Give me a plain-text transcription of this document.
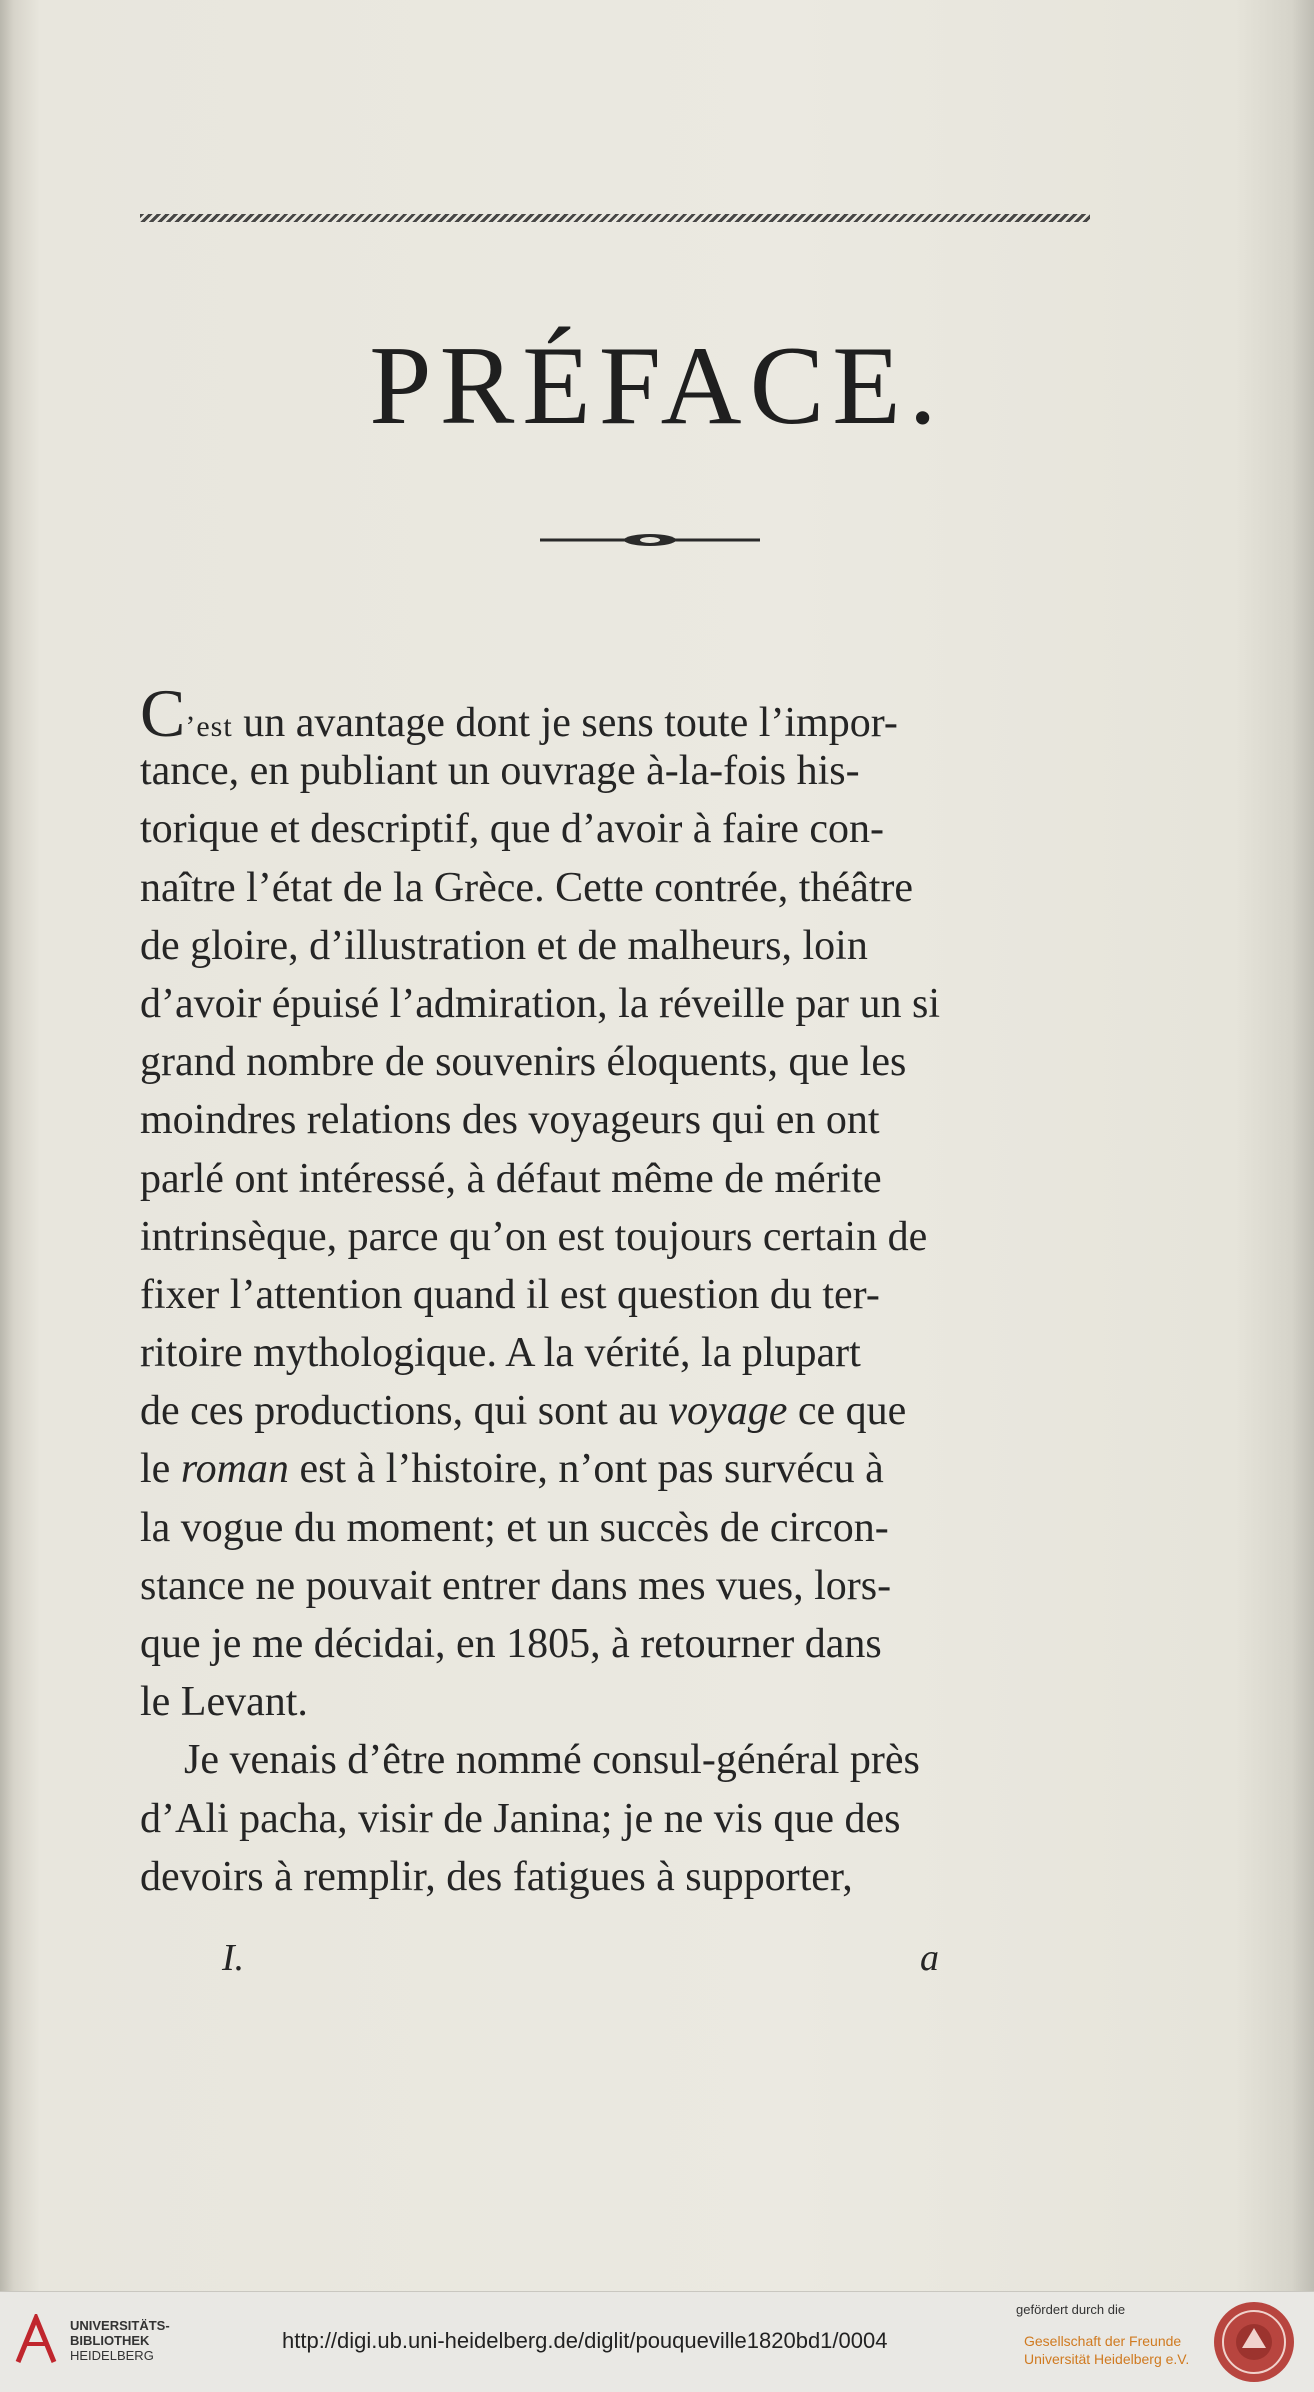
PRÉFACE.
C’est un avantage dont je sens toute l’impor-
tance, en publiant un ouvrage à-la-fois his-
torique et descriptif, que d’avoir à faire con-
naître l’état de la Grèce. Cette contrée, théâtre
de gloire, d’illustration et de malheurs, loin
d’avoir épuisé l’admiration, la réveille par un si
grand nombre de souvenirs éloquents, que les
moindres relations des voyageurs qui en ont
parlé ont intéressé, à défaut même de mérite
intrinsèque, parce qu’on est toujours certain de
fixer l’attention quand il est question du ter-
ritoire mythologique. A la vérité, la plupart
de ces productions, qui sont au voyage ce que
le roman est à l’histoire, n’ont pas survécu à
la vogue du moment; et un succès de circon-
stance ne pouvait entrer dans mes vues, lors-
que je me décidai, en 1805, à retourner dans
le Levant.
Je venais d’être nommé consul-général près
d’Ali pacha, visir de Janina; je ne vis que des
devoirs à remplir, des fatigues à supporter,
I.	a
UNIVERSITÄTS-
BIBLIOTHEK
HEIDELBERG
http://digi.ub.uni-heidelberg.de/diglit/pouqueville1820bd1/0004
gefördert durch die
Gesellschaft der Freunde
Universität Heidelberg e.V.
